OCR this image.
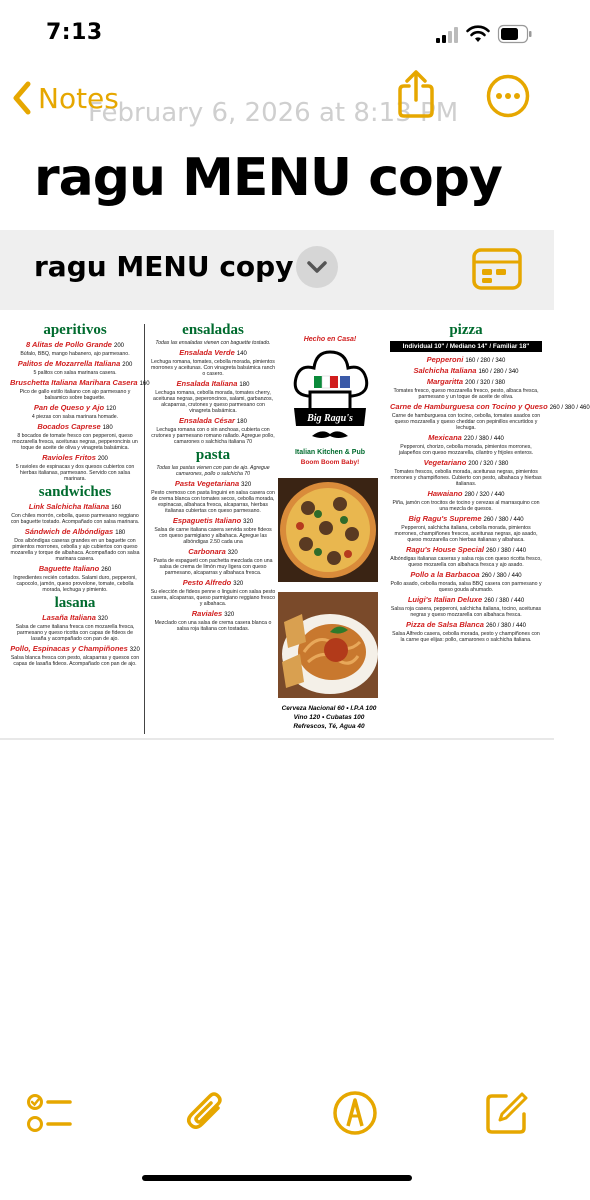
7:13
February 6, 2026 at 8:13 PM
Notes
ragu MENU copy
ragu MENU copy
aperitivos
8 Alitas de Pollo Grande 200
Búfalo, BBQ, mango habanero, ajo parmesano.
Palitos de Mozarrella Italiana 200
5 palitos con salsa marinara casera.
Bruschetta Italiana Marihara Casera 160
Pico de gallo estilo italiano con ajo parmesano y balsamico sobre baguette.
Pan de Queso y Ajo 120
4 piezas con salsa marinara homade.
Bocados Caprese 180
8 bocados de tomate fresco con pepperoni, queso mozzarella fresca, aceitunas negras, pepperoncinis un toque de aceite de oliva y vinagreta balsámica.
Ravioles Fritos 200
5 ravioles de espinacas y dos quesos cubiertos con hierbas italianas, parmesano. Servido con salsa marinara.
sandwiches
Link Salchicha Italiana 160
Con chiles morrón, cebolla, queso parmesano reggiano con baguette tostado. Acompañado con salsa marinara.
Sándwich de Albóndigas 180
Dos albóndigas caseras grandes en un baguette con pimientos morrones, cebolla y ajo cubiertos con queso mozarella y torque de albahaca. Acompañado con salsa marinara casera.
Baguette Italiano 260
Ingredientes recién cortados. Salami duro, pepperoni, capocolo, jamón, queso provolone, tomate, cebolla morada, lechuga y pimiento.
lasana
Lasaña Italiana 320
Salsa de carne italiana fresca con mozarella fresca, parmesano y queso ricotta con capas de fideos de lasaña y acompañado con pan de ajo.
Pollo, Espinacas y Champiñones 320
Salsa blanca fresca con pesto, alcaparras y quesos con capas de lasaña fideos. Acompañado con pan de ajo.
ensaladas
Todas las ensaladas vienen con baguette tostado.
Ensalada Verde 140
Lechuga romana, tomates, cebolla morada, pimientos morrones y aceitunas. Con vinagreta balsámica ranch o casero.
Ensalada Italiana 180
Lechuga romana, cebolla morada, tomates cherry, aceitunas negras, peperoncinos, salami, garbanzos, alcaparras, crutones y queso parmesano con vinagreta balsámica.
Ensalada César 180
Lechuga romana con o sin anchoas, cubierta con crutones y parmesano romano rallado. Agregue pollo, camarones o salchicha italiana 70
pasta
Todas las pastas vienen con pan de ajo. Agregue camarones, pollo o salchicha 70
Pasta Vegetariana 320
Pesto cremoso con pasta linguini en salsa casera con de crema blanca con tomates secos, cebolla morada, espinacas, albahaca fresca, alcaparras, hierbas italianas cubiertas con queso parmesano.
Espaguetis Italiano 320
Salsa de carne italiana casera servida sobre fideos con queso parmigiano y albahaca. Agregue las albóndigas 2.50 cada una
Carbonara 320
Pasta de espagueti con pachetta mezclada con una salsa de crema de limón muy ligera con queso parmesano, alcaparras y albahaca fresca.
Pesto Alfredo 320
Su elección de fideos penne o linguini con salsa pesto casera, alcaparras, queso parmigiano reggiano fresco y albahaca.
Raviales 320
Mezclado con una salsa de crema casera blanca o salsa roja italiana con tostadas.
Hecho en Casa!
Big Ragu's
Italian Kitchen & Pub
Boom Boom Baby!
Cerveza Nacional 60 • I.P.A 100
Vino 120 • Cubatas 100
Refrescos, Té, Agua 40
pizza
Individual 10" / Mediano 14" / Familiar 18"
Pepperoni 160 / 280 / 340
Salchicha Italiana 160 / 280 / 340
Margaritta 200 / 320 / 380
Tomates fresco, queso mozzarella fresco, pesto, albaca fresca, parmesano y un toque de aceite de oliva.
Carne de Hamburguesa con Tocino y Queso 260 / 380 / 460
Carne de hamburguesa con tocino, cebolla, tomates asados con queso mozzarella y queso cheddar con pepinillos encurtidos y lechuga.
Mexicana 220 / 380 / 440
Pepperoni, chorizo, cebolla morada, pimientos morrones, jalapeños con queso mozzarella, cilantro y frijoles enteros.
Vegetariano 200 / 320 / 380
Tomates frescos, cebolla morada, aceitunas negras, pimientos morrones y champiñones. Cubierto con pesto, albahaca y hierbas italianas.
Hawaiano 280 / 320 / 440
Piña, jamón con trocitos de tocino y cerezas al marrasquino con una mezcla de quesos.
Big Ragu's Supreme 260 / 380 / 440
Pepperoni, salchicha italiana, cebolla morada, pimientos morrones, champiñones frescos, aceitunas negras, ajo asado, queso mozzarella con hierbas italianas y albahaca.
Ragu's House Special 260 / 380 / 440
Albóndigas italianas caseras y salsa roja con queso ricotta fresco, queso mozarella con albahaca fresca y ajo asado.
Pollo a la Barbacoa 260 / 380 / 440
Pollo asado, cebolla morada, salsa BBQ casera con parmesano y queso gouda ahumado.
Luigi's Italian Deluxe 260 / 380 / 440
Salsa roja casera, pepperoni, salchicha italiana, tocino, aceitunas negras y queso mozzarella con albahaca fresca.
Pizza de Salsa Blanca 260 / 380 / 440
Salsa Alfredo casera, cebolla morada, pesto y champiñones con la carne que elijas: pollo, camarones o salchicha italiana.
